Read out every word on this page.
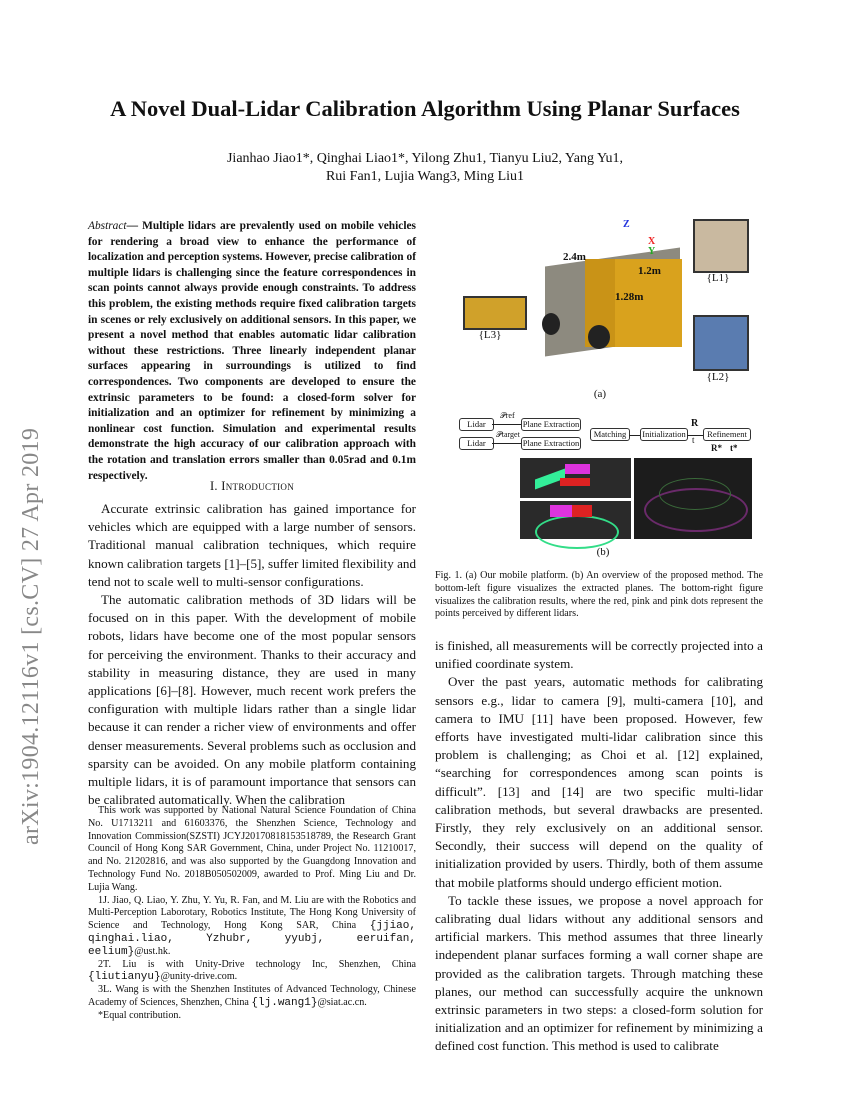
arXiv:1904.12116v1 [cs.CV] 27 Apr 2019
A Novel Dual-Lidar Calibration Algorithm Using Planar Surfaces
Jianhao Jiao1*, Qinghai Liao1*, Yilong Zhu1, Tianyu Liu2, Yang Yu1,
Rui Fan1, Lujia Wang3, Ming Liu1
Abstract— Multiple lidars are prevalently used on mobile vehicles for rendering a broad view to enhance the performance of localization and perception systems. However, precise calibration of multiple lidars is challenging since the feature correspondences in scan points cannot always provide enough constraints. To address this problem, the existing methods require fixed calibration targets in scenes or rely exclusively on additional sensors. In this paper, we present a novel method that enables automatic lidar calibration without these restrictions. Three linearly independent planar surfaces appearing in surroundings is utilized to find correspondences. Two components are developed to ensure the extrinsic parameters to be found: a closed-form solver for initialization and an optimizer for refinement by minimizing a nonlinear cost function. Simulation and experimental results demonstrate the high accuracy of our calibration approach with the rotation and translation errors smaller than 0.05rad and 0.1m respectively.
I. Introduction

Accurate extrinsic calibration has gained importance for vehicles which are equipped with a large number of sensors. Traditional manual calibration techniques, which require known calibration targets [1]–[5], suffer limited flexibility and tend not to scale well to multi-sensor configurations.

The automatic calibration methods of 3D lidars will be focused on in this paper. With the development of mobile robots, lidars have become one of the most popular sensors for perceiving the environment. Thanks to their accuracy and stability in measuring distance, they are used in many applications [6]–[8]. However, much recent work prefers the configuration with multiple lidars rather than a single lidar because it can render a richer view of environments and offer denser measurements. Several problems such as occlusion and sparsity can be avoided. On any mobile platform containing multiple lidars, it is of paramount importance that sensors can be calibrated automatically. When the calibration

This work was supported by National Natural Science Foundation of China No. U1713211 and 61603376, the Shenzhen Science, Technology and Innovation Commission(SZSTI) JCYJ20170818153518789, the Research Grant Council of Hong Kong SAR Government, China, under Project No. 11210017, and No. 21202816, and was also supported by the Guangdong Innovation and Technology Fund No. 2018B050502009, awarded to Prof. Ming Liu and Dr. Lujia Wang.

1J. Jiao, Q. Liao, Y. Zhu, Y. Yu, R. Fan, and M. Liu are with the Robotics and Multi-Perception Laborotary, Robotics Institute, The Hong Kong University of Science and Technology, Hong Kong SAR, China {jjiao, qinghai.liao, Yzhubr, yyubj, eeruifan, eelium}@ust.hk.

2T. Liu is with Unity-Drive technology Inc, Shenzhen, China {liutianyu}@unity-drive.com.

3L. Wang is with the Shenzhen Institutes of Advanced Technology, Chinese Academy of Sciences, Shenzhen, China {lj.wang1}@siat.ac.cn.

*Equal contribution.

2.4m
1.2m
1.28m
Z
X
Y
{L1}
{L3}
{L2}
(a)
Lidar
Lidar
𝒫ref
𝒫target
Plane Extraction
Plane Extraction
Matching	Initialization
R
t
Refinement
R* t*
(b)
Fig. 1. (a) Our mobile platform. (b) An overview of the proposed method. The bottom-left figure visualizes the extracted planes. The bottom-right figure visualizes the calibration results, where the red, pink and pink dots represent the points perceived by different lidars.

is finished, all measurements will be correctly projected into a unified coordinate system.

Over the past years, automatic methods for calibrating sensors e.g., lidar to camera [9], multi-camera [10], and camera to IMU [11] have been proposed. However, few efforts have investigated multi-lidar calibration since this problem is challenging; as Choi et al. [12] explained, “searching for correspondences among scan points is difficult”. [13] and [14] are two specific multi-lidar calibration methods, but several drawbacks are presented. Firstly, they rely exclusively on an additional sensor. Secondly, their success will depend on the quality of initialization provided by users. Thirdly, both of them assume that mobile platforms should undergo efficient motion.

To tackle these issues, we propose a novel approach for calibrating dual lidars without any additional sensors and artificial markers. This method assumes that three linearly independent planar surfaces forming a wall corner shape are provided as the calibration targets. Through matching these planes, our method can successfully acquire the unknown extrinsic parameters in two steps: a closed-form solution for initialization and an optimizer for refinement by minimizing a defined cost function. This method is used to calibrate
